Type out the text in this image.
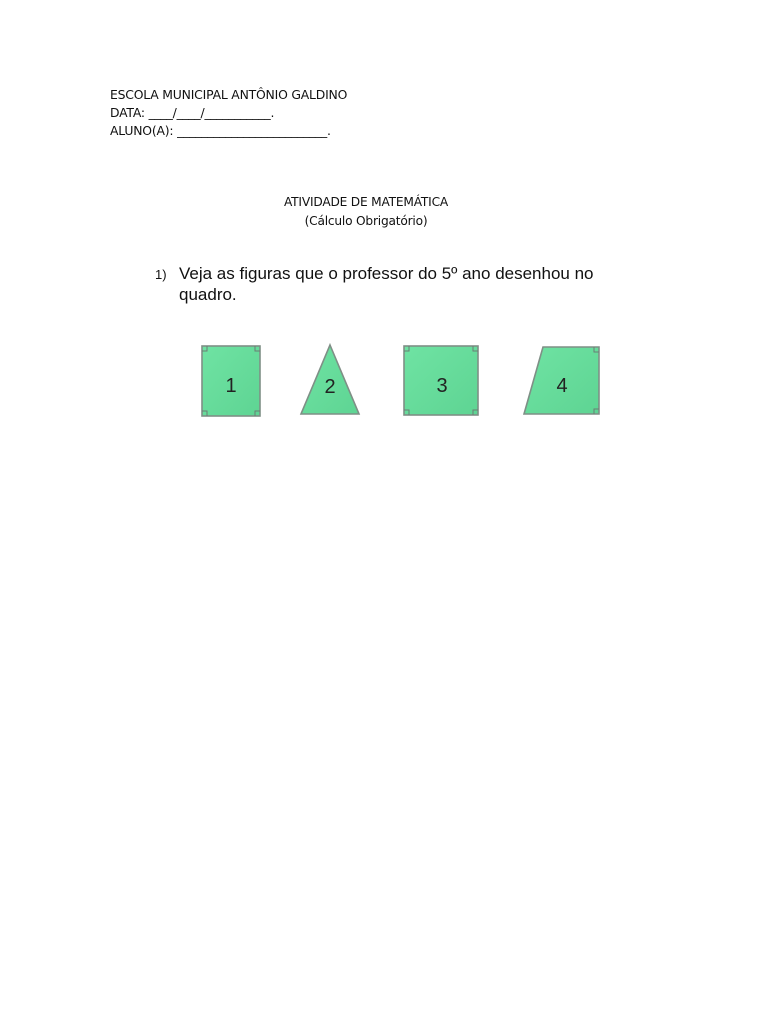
ESCOLA MUNICIPAL ANTÔNIO GALDINO
DATA: ____/____/___________.
ALUNO(A): _________________________.
ATIVIDADE DE MATEMÁTICA
(Cálculo Obrigatório)
1) Veja as figuras que o professor do 5º ano desenhou no quadro.
1	2	3	4
